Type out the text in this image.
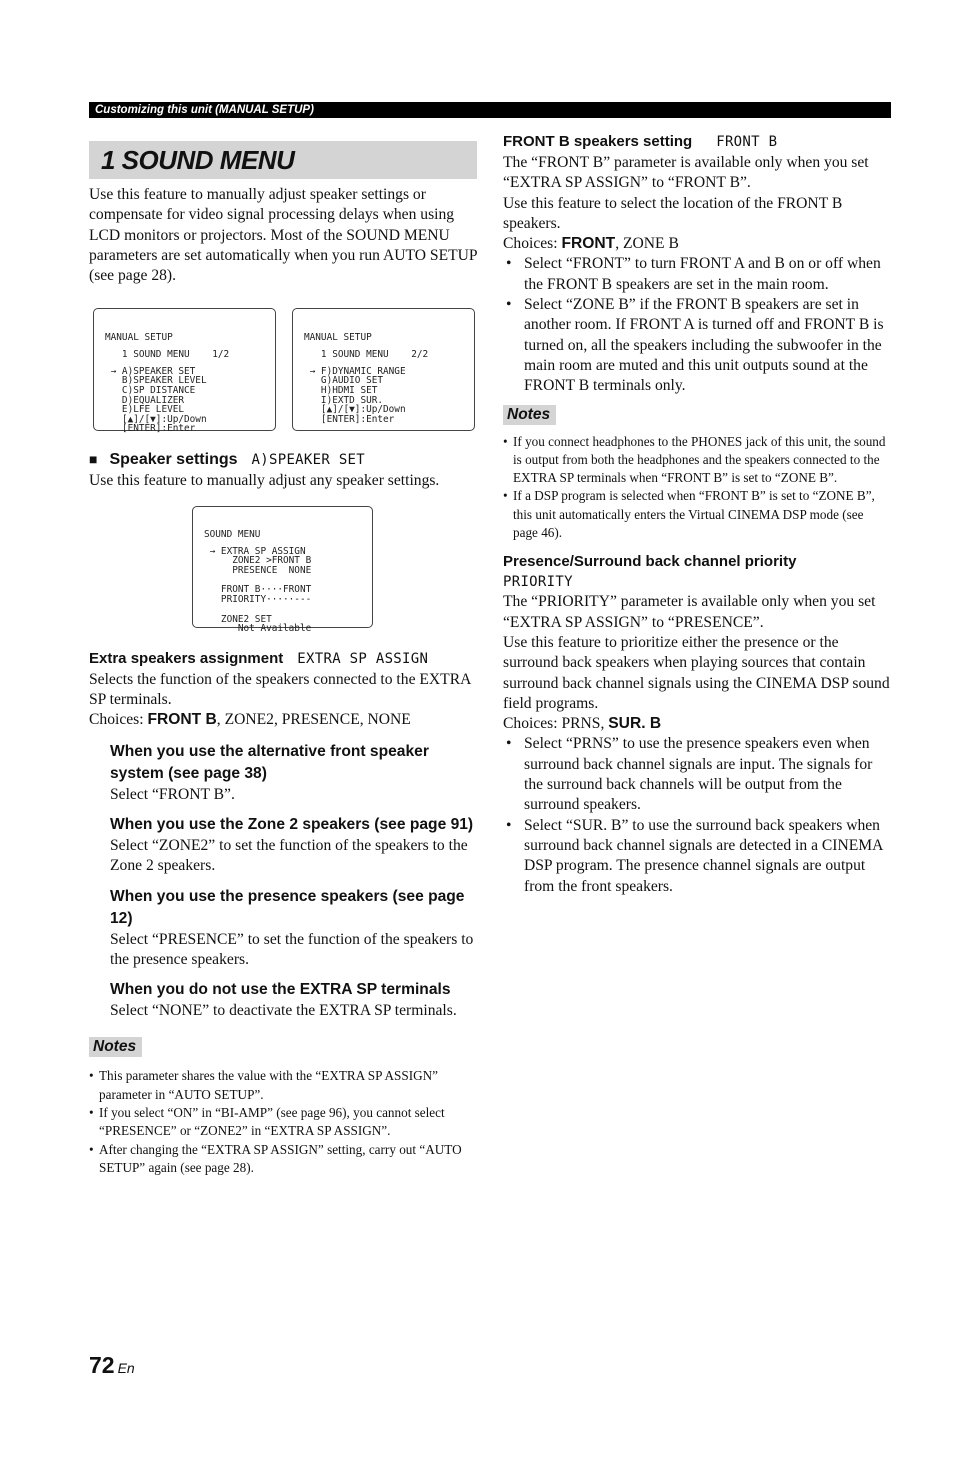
Customizing this unit (MANUAL SETUP)
1 SOUND MENU

Use this feature to manually adjust speaker settings or compensate for video signal processing delays when using LCD monitors or projectors. Most of the SOUND MENU parameters are set automatically when you run AUTO SETUP (see page 28).

MANUAL SETUP
1 SOUND MENU    1/2
→ A)SPEAKER SET
B)SPEAKER LEVEL
C)SP DISTANCE
D)EQUALIZER
E)LFE LEVEL
[▲]/[▼]:Up/Down
[ENTER]:Enter

MANUAL SETUP
1 SOUND MENU    2/2
→ F)DYNAMIC RANGE
G)AUDIO SET
H)HDMI SET
I)EXTD SUR.
[▲]/[▼]:Up/Down
[ENTER]:Enter

■ Speaker settings A)SPEAKER SET

Use this feature to manually adjust any speaker settings.

SOUND MENU
→ EXTRA SP ASSIGN
ZONE2 >FRONT B
PRESENCE  NONE
FRONT B····FRONT
PRIORITY·····---
ZONE2 SET
Not Available

Extra speakers assignment EXTRA SP ASSIGN

Selects the function of the speakers connected to the EXTRA SP terminals.

Choices: FRONT B, ZONE2, PRESENCE, NONE

When you use the alternative front speaker system (see page 38)

Select “FRONT B”.

When you use the Zone 2 speakers (see page 91)

Select “ZONE2” to set the function of the speakers to the Zone 2 speakers.

When you use the presence speakers (see page 12)

Select “PRESENCE” to set the function of the speakers to the presence speakers.

When you do not use the EXTRA SP terminals

Select “NONE” to deactivate the EXTRA SP terminals.

Notes
• This parameter shares the value with the “EXTRA SP ASSIGN” parameter in “AUTO SETUP”.
• If you select “ON” in “BI-AMP” (see page 96), you cannot select “PRESENCE” or “ZONE2” in “EXTRA SP ASSIGN”.
• After changing the “EXTRA SP ASSIGN” setting, carry out “AUTO SETUP” again (see page 28).
FRONT B speakers setting FRONT B

The “FRONT B” parameter is available only when you set “EXTRA SP ASSIGN” to “FRONT B”.

Use this feature to select the location of the FRONT B speakers.

Choices: FRONT, ZONE B

• Select “FRONT” to turn FRONT A and B on or off when the FRONT B speakers are set in the main room.
• Select “ZONE B” if the FRONT B speakers are set in another room. If FRONT A is turned off and FRONT B is turned on, all the speakers including the subwoofer in the main room are muted and this unit outputs sound at the FRONT B terminals only.
Notes
• If you connect headphones to the PHONES jack of this unit, the sound is output from both the headphones and the speakers connected to the EXTRA SP terminals when “FRONT B” is set to “ZONE B”.
• If a DSP program is selected when “FRONT B” is set to “ZONE B”, this unit automatically enters the Virtual CINEMA DSP mode (see page 46).
Presence/Surround back channel priority
PRIORITY

The “PRIORITY” parameter is available only when you set “EXTRA SP ASSIGN” to “PRESENCE”.

Use this feature to prioritize either the presence or the surround back speakers when playing sources that contain surround back channel signals using the CINEMA DSP sound field programs.

Choices: PRNS, SUR. B

• Select “PRNS” to use the presence speakers even when surround back channel signals are input. The signals for the surround back channels will be output from the surround speakers.
• Select “SUR. B” to use the surround back speakers when surround back channel signals are detected in a CINEMA DSP program. The presence channel signals are output from the front speakers.
72 En
